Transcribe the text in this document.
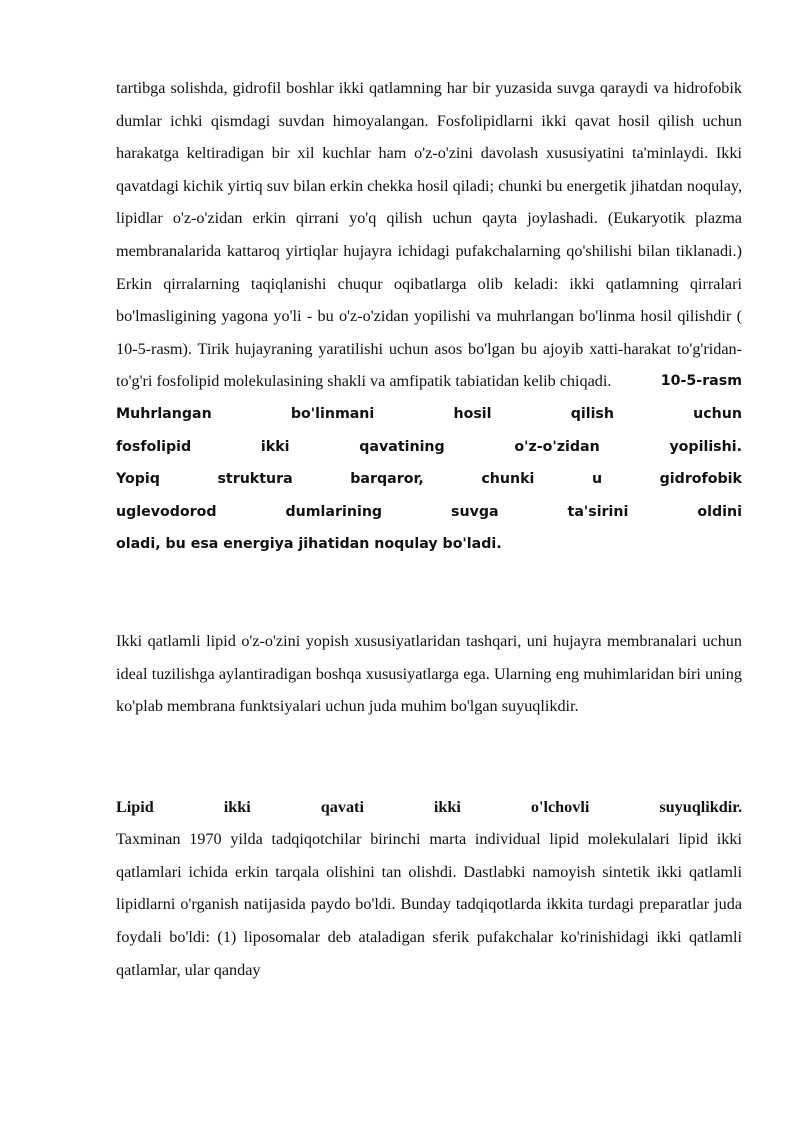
tartibga solishda, gidrofil boshlar ikki qatlamning har bir yuzasida suvga qaraydi va hidrofobik dumlar ichki qismdagi suvdan himoyalangan. Fosfolipidlarni ikki qavat hosil qilish uchun harakatga keltiradigan bir xil kuchlar ham o'z-o'zini davolash xususiyatini ta'minlaydi. Ikki qavatdagi kichik yirtiq suv bilan erkin chekka hosil qiladi; chunki bu energetik jihatdan noqulay, lipidlar o'z-o'zidan erkin qirrani yo'q qilish uchun qayta joylashadi. (Eukaryotik plazma membranalarida kattaroq yirtiqlar hujayra ichidagi pufakchalarning qo'shilishi bilan tiklanadi.) Erkin qirralarning taqiqlanishi chuqur oqibatlarga olib keladi: ikki qatlamning qirralari bo'lmasligining yagona yo'li - bu o'z-o'zidan yopilishi va muhrlangan bo'linma hosil qilishdir ( 10-5-rasm). Tirik hujayraning yaratilishi uchun asos bo'lgan bu ajoyib xatti-harakat to'g'ridan-to'g'ri fosfolipid molekulasining shakli va amfipatik tabiatidan kelib chiqadi.	10-5-rasm
Muhrlangan	bo'linmani	hosil	qilish	uchun
fosfolipid	ikki	qavatining	o'z-o'zidan	yopilishi.
Yopiq	struktura	barqaror,	chunki	u	gidrofobik
uglevodorod	dumlarining	suvga	ta'sirini	oldini
oladi, bu esa energiya jihatidan noqulay bo'ladi.

Ikki qatlamli lipid o'z-o'zini yopish xususiyatlaridan tashqari, uni hujayra membranalari uchun ideal tuzilishga aylantiradigan boshqa xususiyatlarga ega. Ularning eng muhimlaridan biri uning ko'plab membrana funktsiyalari uchun juda muhim bo'lgan suyuqlikdir.

Lipid	ikki	qavati	ikki	o'lchovli	suyuqlikdir.

Taxminan 1970 yilda tadqiqotchilar birinchi marta individual lipid molekulalari lipid ikki qatlamlari ichida erkin tarqala olishini tan olishdi. Dastlabki namoyish sintetik ikki qatlamli lipidlarni o'rganish natijasida paydo bo'ldi. Bunday tadqiqotlarda ikkita turdagi preparatlar juda foydali bo'ldi: (1) liposomalar deb ataladigan sferik pufakchalar ko'rinishidagi ikki qatlamli qatlamlar, ular qanday
